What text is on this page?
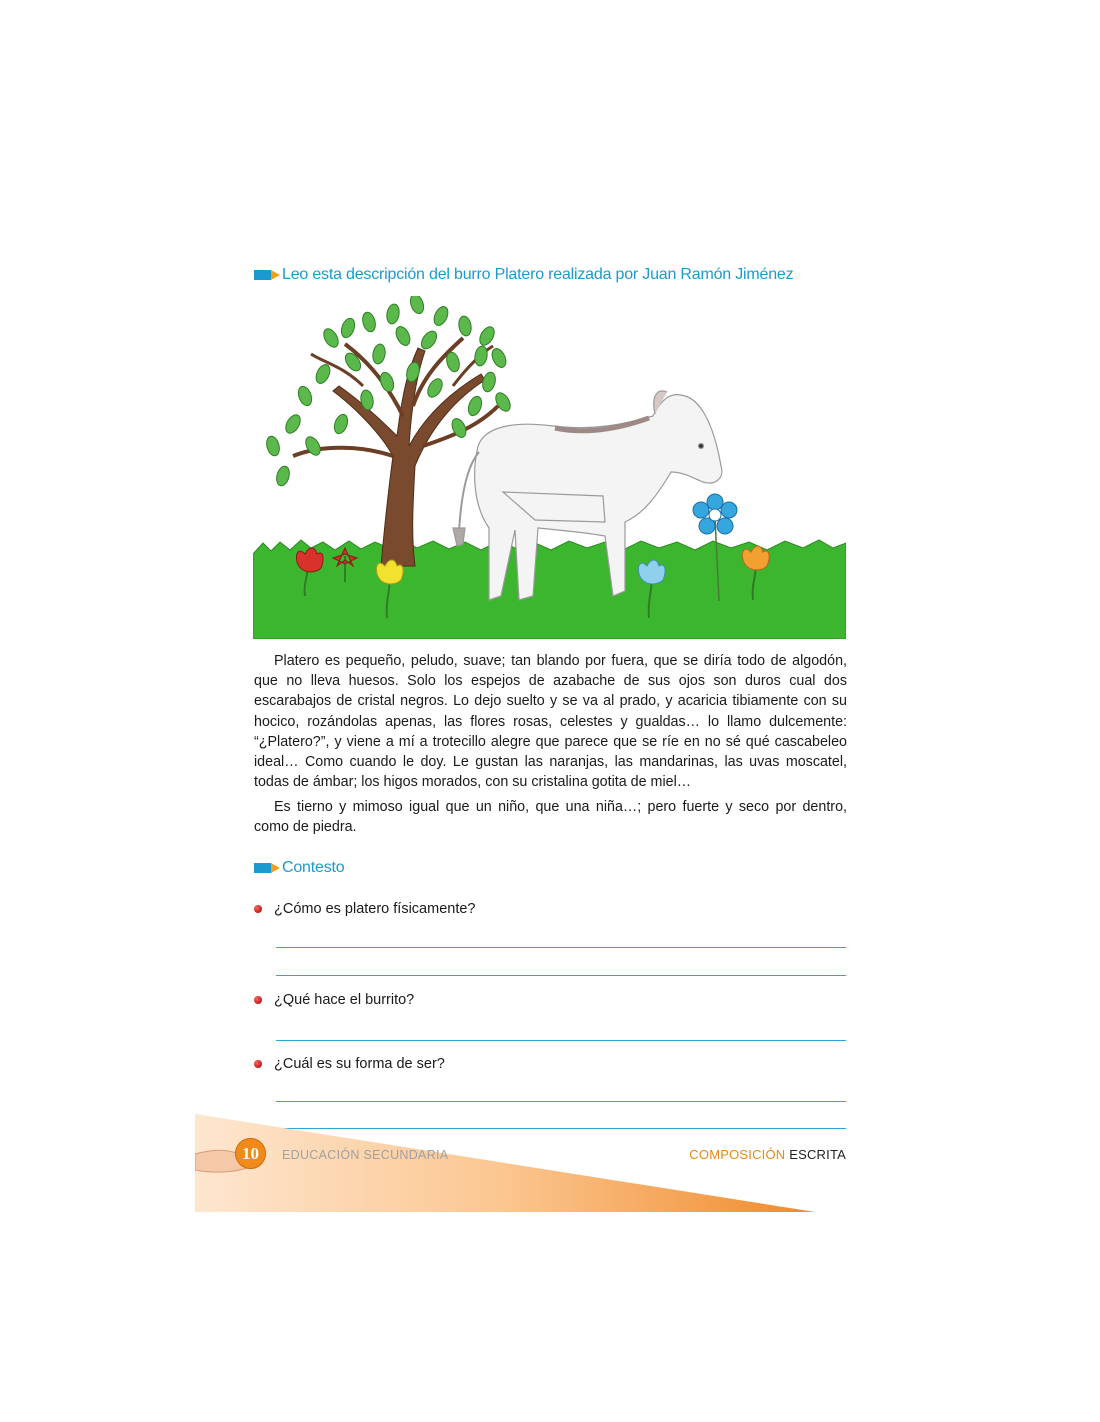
Leo esta descripción del burro Platero realizada por Juan Ramón Jiménez

Platero es pequeño, peludo, suave; tan blando por fuera, que se diría todo de algodón, que no lleva huesos. Solo los espejos de azabache de sus ojos son duros cual dos escarabajos de cristal negros. Lo dejo suelto y se va al prado, y acaricia tibiamente con su hocico, rozándolas apenas, las flores rosas, celestes y gualdas… lo llamo dulcemente: “¿Platero?”, y viene a mí a trotecillo alegre que parece que se ríe en no sé qué cascabeleo ideal… Como cuando le doy. Le gustan las naranjas, las mandarinas, las uvas moscatel, todas de ámbar; los higos morados, con su cristalina gotita de miel…

Es tierno y mimoso igual que un niño, que una niña…; pero fuerte y seco por dentro, como de piedra.

Contesto
¿Cómo es platero físicamente?
¿Qué hace el burrito?
¿Cuál es su forma de ser?
10	EDUCACIÓN SECUNDARIA	COMPOSICIÓN ESCRITA
